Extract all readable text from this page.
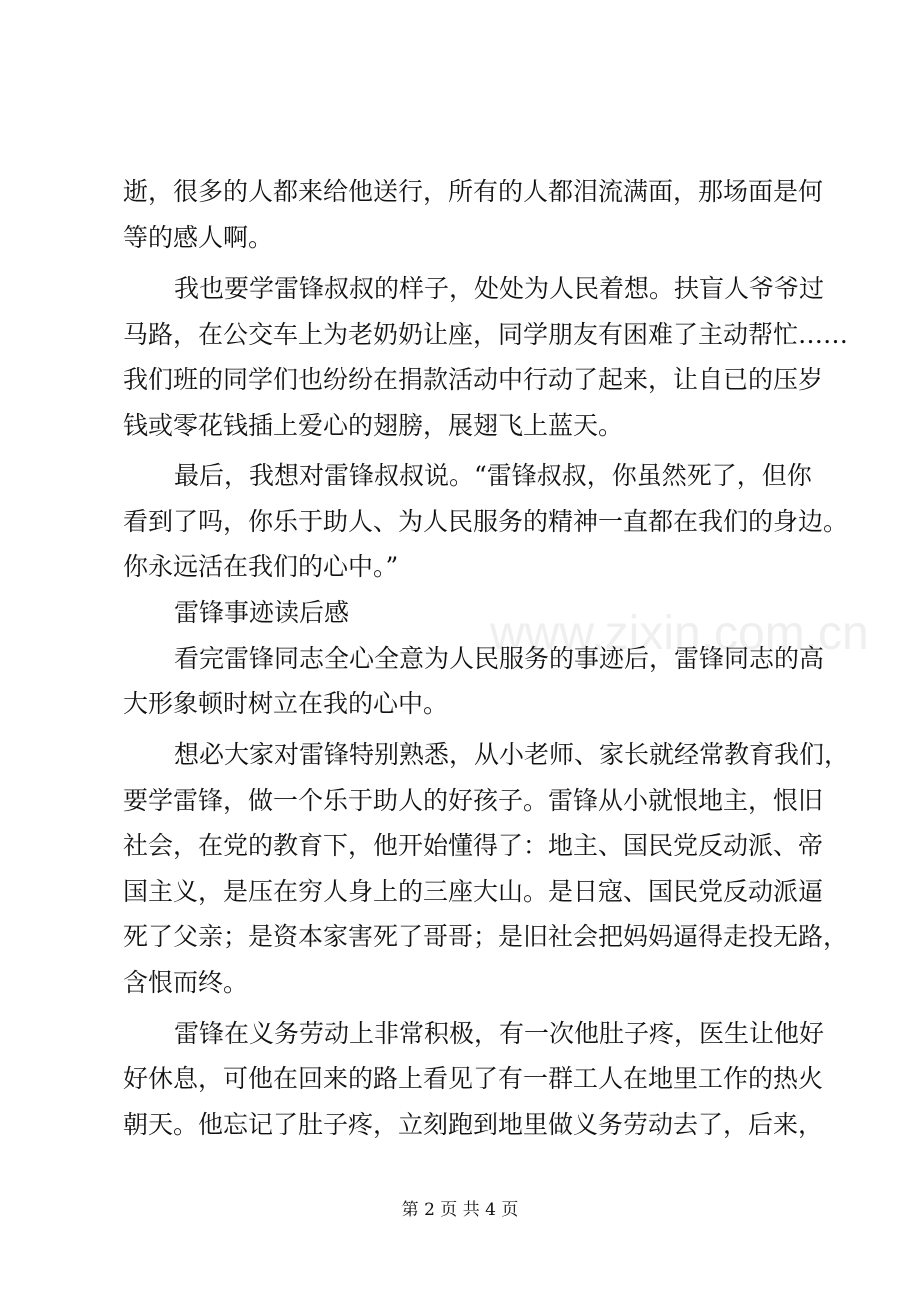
www.zixin.com.cn
逝，很多的人都来给他送行，所有的人都泪流满面，那场面是何
等的感人啊。
我也要学雷锋叔叔的样子，处处为人民着想。扶盲人爷爷过
马路，在公交车上为老奶奶让座，同学朋友有困难了主动帮忙……
我们班的同学们也纷纷在捐款活动中行动了起来，让自已的压岁
钱或零花钱插上爱心的翅膀，展翅飞上蓝天。
最后，我想对雷锋叔叔说。“雷锋叔叔，你虽然死了，但你
看到了吗，你乐于助人、为人民服务的精神一直都在我们的身边。
你永远活在我们的心中。”
雷锋事迹读后感
看完雷锋同志全心全意为人民服务的事迹后，雷锋同志的高
大形象顿时树立在我的心中。
想必大家对雷锋特别熟悉，从小老师、家长就经常教育我们，
要学雷锋，做一个乐于助人的好孩子。雷锋从小就恨地主，恨旧
社会，在党的教育下，他开始懂得了：地主、国民党反动派、帝
国主义，是压在穷人身上的三座大山。是日寇、国民党反动派逼
死了父亲；是资本家害死了哥哥；是旧社会把妈妈逼得走投无路，
含恨而终。
雷锋在义务劳动上非常积极，有一次他肚子疼，医生让他好
好休息，可他在回来的路上看见了有一群工人在地里工作的热火
朝天。他忘记了肚子疼，立刻跑到地里做义务劳动去了，后来，
第 2 页 共 4 页
